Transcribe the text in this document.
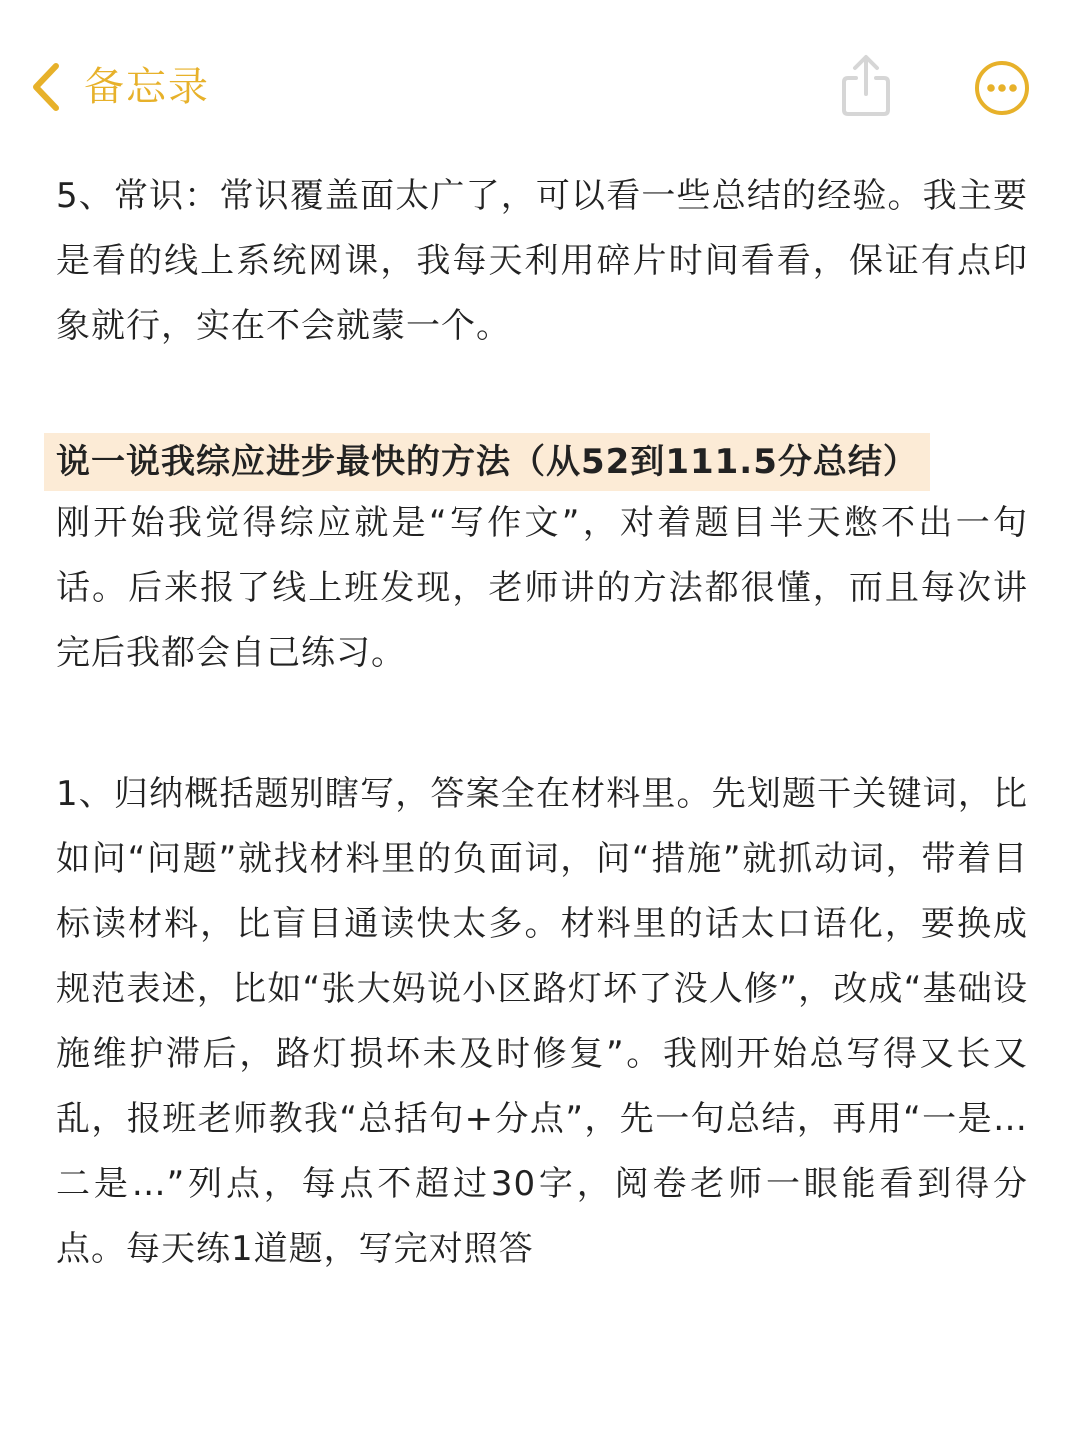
备忘录

5、常识：常识覆盖面太广了，可以看一些总结的经验。我主要是看的线上系统网课，我每天利用碎片时间看看，保证有点印象就行，实在不会就蒙一个。

说一说我综应进步最快的方法（从52到111.5分总结）

刚开始我觉得综应就是“写作文”，对着题目半天憋不出一句话。后来报了线上班发现，老师讲的方法都很懂，而且每次讲完后我都会自己练习。

1、归纳概括题别瞎写，答案全在材料里。先划题干关键词，比如问“问题”就找材料里的负面词，问“措施”就抓动词，带着目标读材料，比盲目通读快太多。材料里的话太口语化，要换成规范表述，比如“张大妈说小区路灯坏了没人修”，改成“基础设施维护滞后，路灯损坏未及时修复”。我刚开始总写得又长又乱，报班老师教我“总括句+分点”，先一句总结，再用“一是…二是…”列点，每点不超过30字，阅卷老师一眼能看到得分点。每天练1道题，写完对照答
